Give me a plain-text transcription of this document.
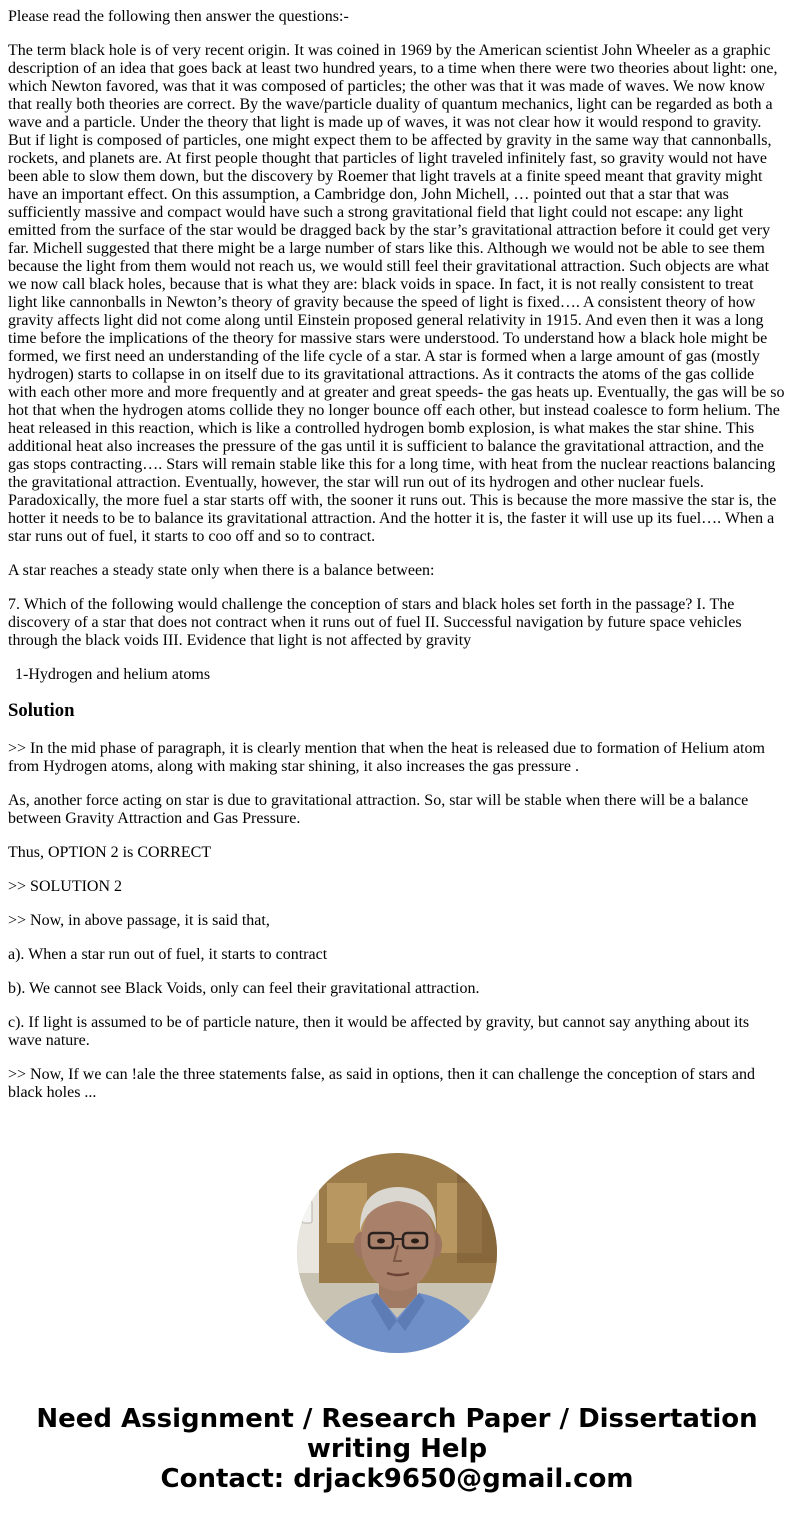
Please read the following then answer the questions:-

The term black hole is of very recent origin. It was coined in 1969 by the American scientist John Wheeler as a graphic description of an idea that goes back at least two hundred years, to a time when there were two theories about light: one, which Newton favored, was that it was composed of particles; the other was that it was made of waves. We now know that really both theories are correct. By the wave/particle duality of quantum mechanics, light can be regarded as both a wave and a particle. Under the theory that light is made up of waves, it was not clear how it would respond to gravity. But if light is composed of particles, one might expect them to be affected by gravity in the same way that cannonballs, rockets, and planets are. At first people thought that particles of light traveled infinitely fast, so gravity would not have been able to slow them down, but the discovery by Roemer that light travels at a finite speed meant that gravity might have an important effect. On this assumption, a Cambridge don, John Michell, … pointed out that a star that was sufficiently massive and compact would have such a strong gravitational field that light could not escape: any light emitted from the surface of the star would be dragged back by the star’s gravitational attraction before it could get very far. Michell suggested that there might be a large number of stars like this. Although we would not be able to see them because the light from them would not reach us, we would still feel their gravitational attraction. Such objects are what we now call black holes, because that is what they are: black voids in space. In fact, it is not really consistent to treat light like cannonballs in Newton’s theory of gravity because the speed of light is fixed…. A consistent theory of how gravity affects light did not come along until Einstein proposed general relativity in 1915. And even then it was a long time before the implications of the theory for massive stars were understood. To understand how a black hole might be formed, we first need an understanding of the life cycle of a star. A star is formed when a large amount of gas (mostly hydrogen) starts to collapse in on itself due to its gravitational attractions. As it contracts the atoms of the gas collide with each other more and more frequently and at greater and great speeds- the gas heats up. Eventually, the gas will be so hot that when the hydrogen atoms collide they no longer bounce off each other, but instead coalesce to form helium. The heat released in this reaction, which is like a controlled hydrogen bomb explosion, is what makes the star shine. This additional heat also increases the pressure of the gas until it is sufficient to balance the gravitational attraction, and the gas stops contracting…. Stars will remain stable like this for a long time, with heat from the nuclear reactions balancing the gravitational attraction. Eventually, however, the star will run out of its hydrogen and other nuclear fuels. Paradoxically, the more fuel a star starts off with, the sooner it runs out. This is because the more massive the star is, the hotter it needs to be to balance its gravitational attraction. And the hotter it is, the faster it will use up its fuel…. When a star runs out of fuel, it starts to coo off and so to contract.

A star reaches a steady state only when there is a balance between:

7. Which of the following would challenge the conception of stars and black holes set forth in the passage? I. The discovery of a star that does not contract when it runs out of fuel II. Successful navigation by future space vehicles through the black voids III. Evidence that light is not affected by gravity

1-Hydrogen and helium atoms
Solution

>> In the mid phase of paragraph, it is clearly mention that when the heat is released due to formation of Helium atom from Hydrogen atoms, along with making star shining, it also increases the gas pressure .

As, another force acting on star is due to gravitational attraction. So, star will be stable when there will be a balance between Gravity Attraction and Gas Pressure.

Thus, OPTION 2 is CORRECT

>> SOLUTION 2

>> Now, in above passage, it is said that,

a). When a star run out of fuel, it starts to contract

b). We cannot see Black Voids, only can feel their gravitational attraction.

c). If light is assumed to be of particle nature, then it would be affected by gravity, but cannot say anything about its wave nature.

>> Now, If we can !ale the three statements false, as said in options, then it can challenge the conception of stars and black holes ...

Need Assignment / Research Paper / Dissertation
writing Help
Contact: drjack9650@gmail.com
